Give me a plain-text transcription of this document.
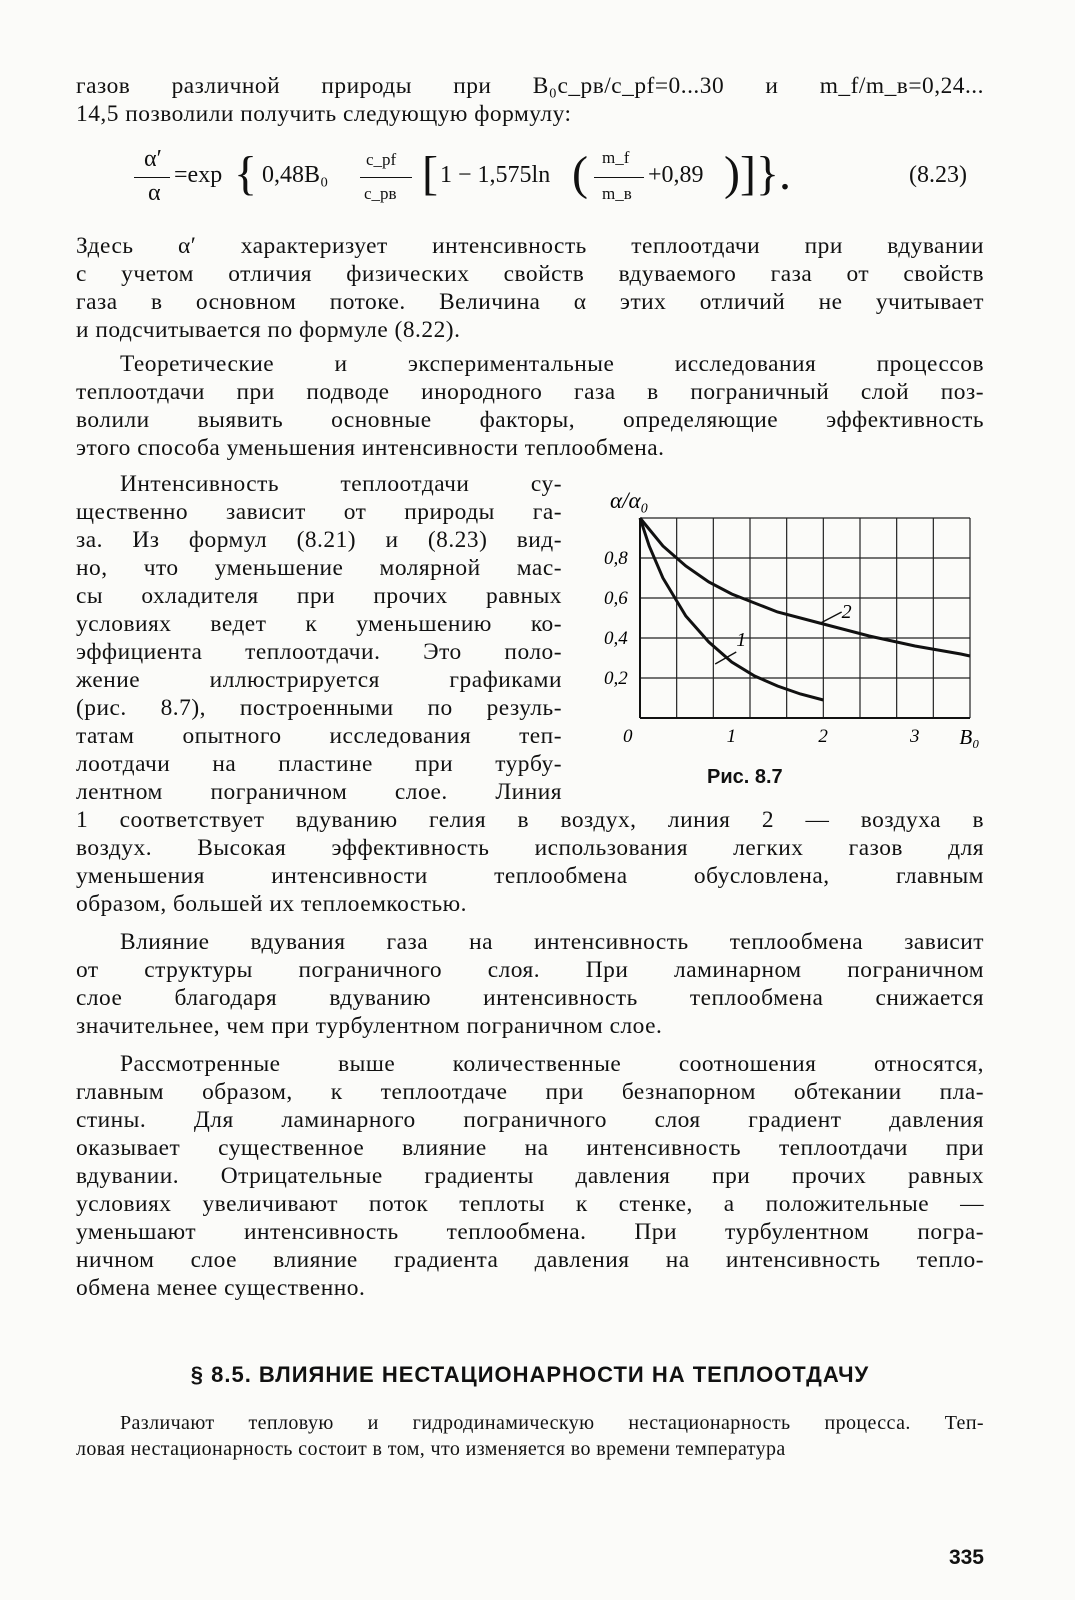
газов различной природы при B₀c_pв/c_pf=0...30 и m_f/m_в=0,24...
14,5 позволили получить следующую формулу:
α′
α
=exp { 0,48B₀
c_pf
c_pв [ 1 − 1,575ln ( m_f
m_в
+0,89 )]}.	(8.23)
Здесь α′ характеризует интенсивность теплоотдачи при вдувании
с учетом отличия физических свойств вдуваемого газа от свойств
газа в основном потоке. Величина α этих отличий не учитывает
и подсчитывается по формуле (8.22).
Теоретические и экспериментальные исследования процессов
теплоотдачи при подводе инородного газа в пограничный слой поз-
волили выявить основные факторы, определяющие эффективность
этого способа уменьшения интенсивности теплообмена.
Интенсивность теплоотдачи су-
щественно зависит от природы га-
за. Из формул (8.21) и (8.23) вид-
но, что уменьшение молярной мас-
сы охладителя при прочих равных
условиях ведет к уменьшению ко-
эффициента теплоотдачи. Это поло-
жение иллюстрируется графиками
(рис. 8.7), построенными по резуль-
татам опытного исследования теп-
лоотдачи на пластине при турбу-
лентном пограничном слое. Линия
1 соответствует вдуванию гелия в воздух, линия 2 — воздуха в
воздух. Высокая эффективность использования легких газов для
уменьшения интенсивности теплообмена обусловлена, главным
образом, большей их теплоемкостью.
1
2
0,2
0,4
0,6
0,8
0	1	2	3 B₀
α/α₀
Рис. 8.7
Влияние вдувания газа на интенсивность теплообмена зависит
от структуры пограничного слоя. При ламинарном пограничном
слое благодаря вдуванию интенсивность теплообмена снижается
значительнее, чем при турбулентном пограничном слое.
Рассмотренные выше количественные соотношения относятся,
главным образом, к теплоотдаче при безнапорном обтекании пла-
стины. Для ламинарного пограничного слоя градиент давления
оказывает существенное влияние на интенсивность теплоотдачи при
вдувании. Отрицательные градиенты давления при прочих равных
условиях увеличивают поток теплоты к стенке, а положительные —
уменьшают интенсивность теплообмена. При турбулентном погра-
ничном слое влияние градиента давления на интенсивность тепло-
обмена менее существенно.
§ 8.5. ВЛИЯНИЕ НЕСТАЦИОНАРНОСТИ НА ТЕПЛООТДАЧУ
Различают тепловую и гидродинамическую нестационарность процесса. Теп-
ловая нестационарность состоит в том, что изменяется во времени температура
335
